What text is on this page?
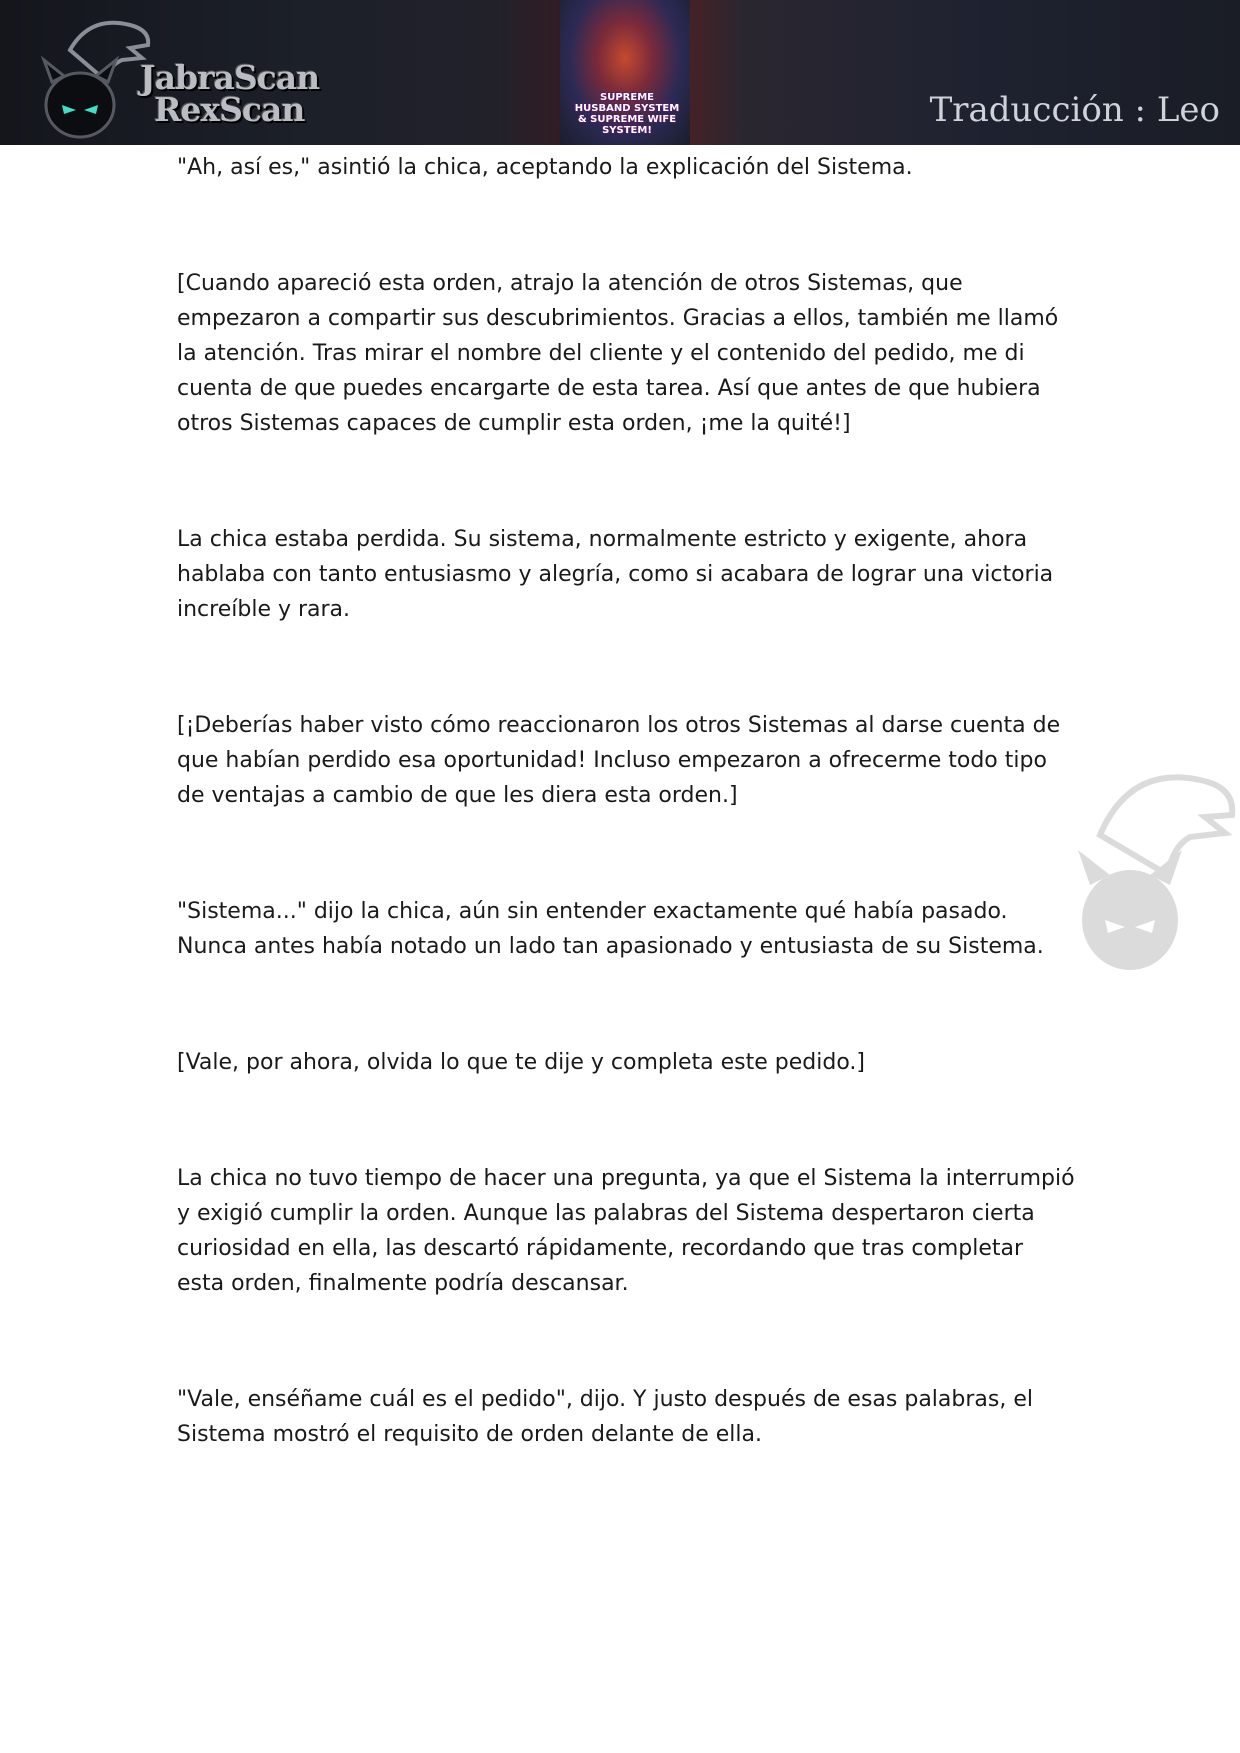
JabraScan
RexScan	SUPREME HUSBAND SYSTEM & SUPREME WIFE SYSTEM!
Traducción : Leo

"Ah, así es," asintió la chica, aceptando la explicación del Sistema.

[Cuando apareció esta orden, atrajo la atención de otros Sistemas, que empezaron a compartir sus descubrimientos. Gracias a ellos, también me llamó la atención. Tras mirar el nombre del cliente y el contenido del pedido, me di cuenta de que puedes encargarte de esta tarea. Así que antes de que hubiera otros Sistemas capaces de cumplir esta orden, ¡me la quité!]

La chica estaba perdida. Su sistema, normalmente estricto y exigente, ahora hablaba con tanto entusiasmo y alegría, como si acabara de lograr una victoria increíble y rara.

[¡Deberías haber visto cómo reaccionaron los otros Sistemas al darse cuenta de que habían perdido esa oportunidad! Incluso empezaron a ofrecerme todo tipo de ventajas a cambio de que les diera esta orden.]

"Sistema..." dijo la chica, aún sin entender exactamente qué había pasado. Nunca antes había notado un lado tan apasionado y entusiasta de su Sistema.

[Vale, por ahora, olvida lo que te dije y completa este pedido.]

La chica no tuvo tiempo de hacer una pregunta, ya que el Sistema la interrumpió y exigió cumplir la orden. Aunque las palabras del Sistema despertaron cierta curiosidad en ella, las descartó rápidamente, recordando que tras completar esta orden, finalmente podría descansar.

"Vale, enséñame cuál es el pedido", dijo. Y justo después de esas palabras, el Sistema mostró el requisito de orden delante de ella.
